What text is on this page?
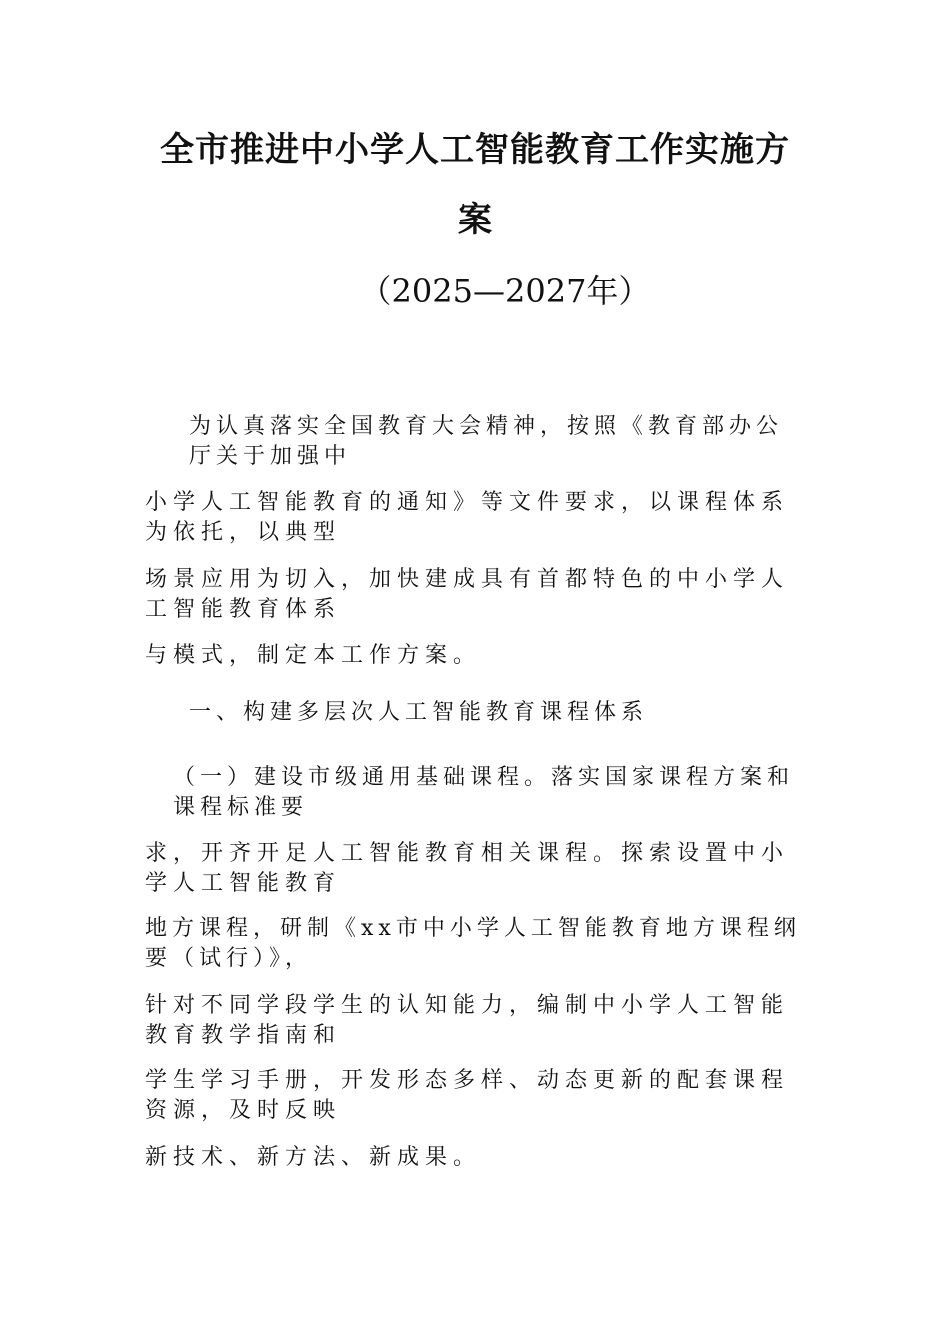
全市推进中小学人工智能教育工作实施方
案
（2025—2027年）
为认真落实全国教育大会精神，按照《教育部办公厅关于加强中
小学人工智能教育的通知》等文件要求，以课程体系为依托，以典型
场景应用为切入，加快建成具有首都特色的中小学人工智能教育体系
与模式，制定本工作方案。
一、构建多层次人工智能教育课程体系
（一）建设市级通用基础课程。落实国家课程方案和课程标准要
求，开齐开足人工智能教育相关课程。探索设置中小学人工智能教育
地方课程，研制《xx市中小学人工智能教育地方课程纲要（试行）》，
针对不同学段学生的认知能力，编制中小学人工智能教育教学指南和
学生学习手册，开发形态多样、动态更新的配套课程资源，及时反映
新技术、新方法、新成果。
